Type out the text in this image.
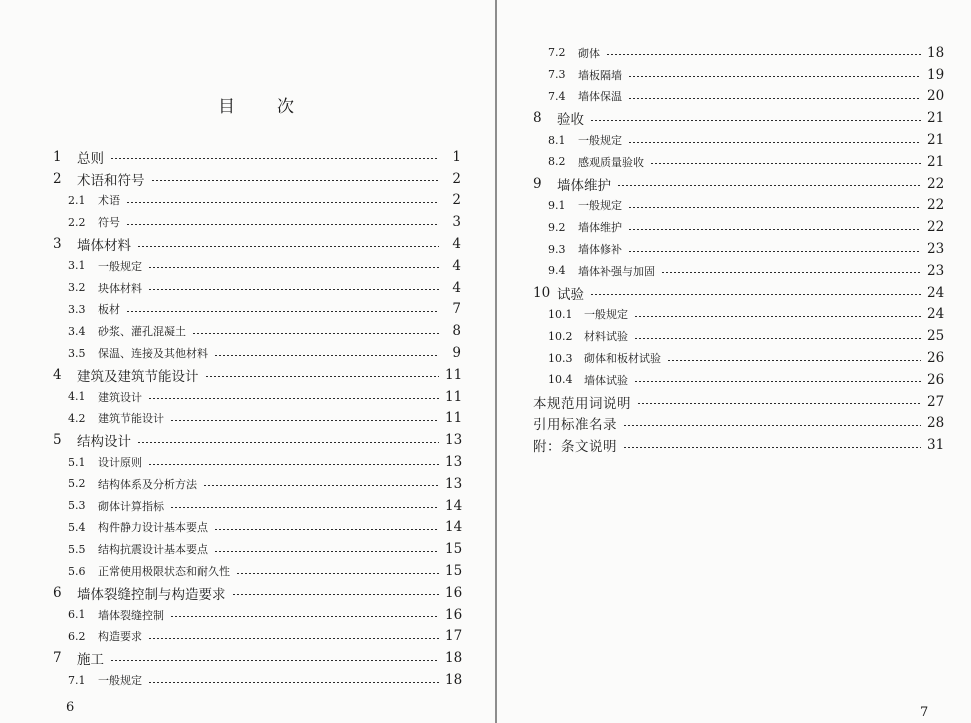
目 次
1	总则	1
2	术语和符号	2
2.1	术语	2
2.2	符号	3
3	墙体材料	4
3.1	一般规定	4
3.2	块体材料	4
3.3	板材	7
3.4	砂浆、灌孔混凝土	8
3.5	保温、连接及其他材料	9
4	建筑及建筑节能设计	11
4.1	建筑设计	11
4.2	建筑节能设计	11
5	结构设计	13
5.1	设计原则	13
5.2	结构体系及分析方法	13
5.3	砌体计算指标	14
5.4	构件静力设计基本要点	14
5.5	结构抗震设计基本要点	15
5.6	正常使用极限状态和耐久性	15
6	墙体裂缝控制与构造要求	16
6.1	墙体裂缝控制	16
6.2	构造要求	17
7	施工	18
7.1	一般规定	18
6	7
7.2	砌体	18
7.3	墙板隔墙	19
7.4	墙体保温	20
8	验收	21
8.1	一般规定	21
8.2	感观质量验收	21
9	墙体维护	22
9.1	一般规定	22
9.2	墙体维护	22
9.3	墙体修补	23
9.4	墙体补强与加固	23
10 试验	24
10.1	一般规定	24
10.2	材料试验	25
10.3	砌体和板材试验	26
10.4	墙体试验	26
本规范用词说明	27
引用标准名录	28
附：条文说明	31
